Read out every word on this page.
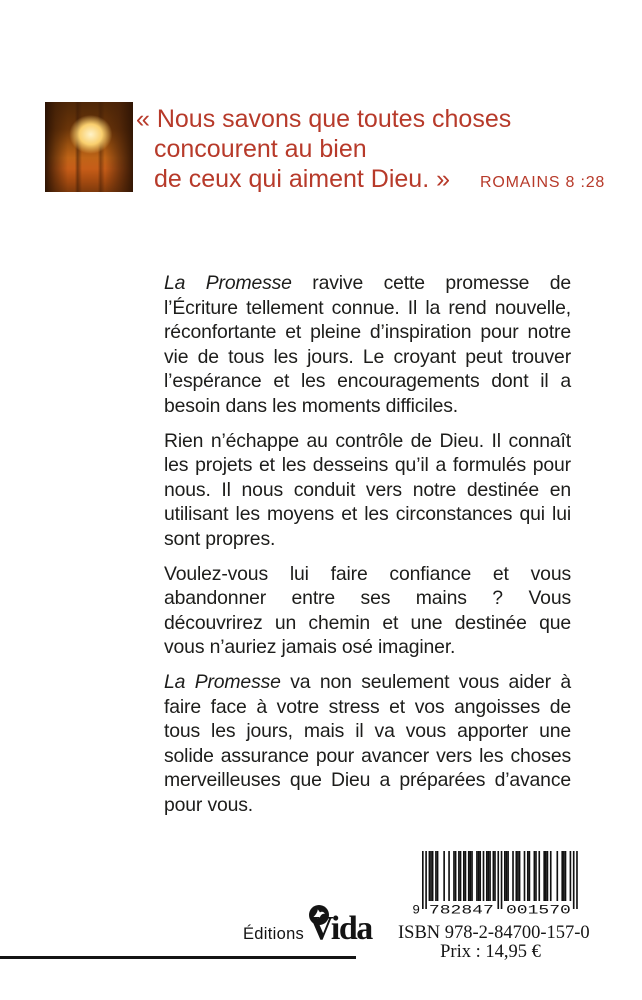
« Nous savons que toutes choses
concourent au bien
de ceux qui aiment Dieu. » ROMAINS 8 :28

La Promesse ravive cette promesse de l’Écriture tellement connue. Il la rend nouvelle, réconfortante et pleine d’inspiration pour notre vie de tous les jours. Le croyant peut trouver l’espérance et les encouragements dont il a besoin dans les moments difficiles.

Rien n’échappe au contrôle de Dieu. Il connaît les projets et les desseins qu’il a formulés pour nous. Il nous conduit vers notre destinée en utilisant les moyens et les circonstances qui lui sont propres.

Voulez-vous lui faire confiance et vous abandonner entre ses mains ? Vous découvrirez un chemin et une destinée que vous n’auriez jamais osé imaginer.

La Promesse va non seulement vous aider à faire face à votre stress et vos angoisses de tous les jours, mais il va vous apporter une solide assurance pour avancer vers les choses merveilleuses que Dieu a préparées d’avance pour vous.

Éditions Vida	9 782847 001570
ISBN 978-2-84700-157-0
Prix : 14,95 €
